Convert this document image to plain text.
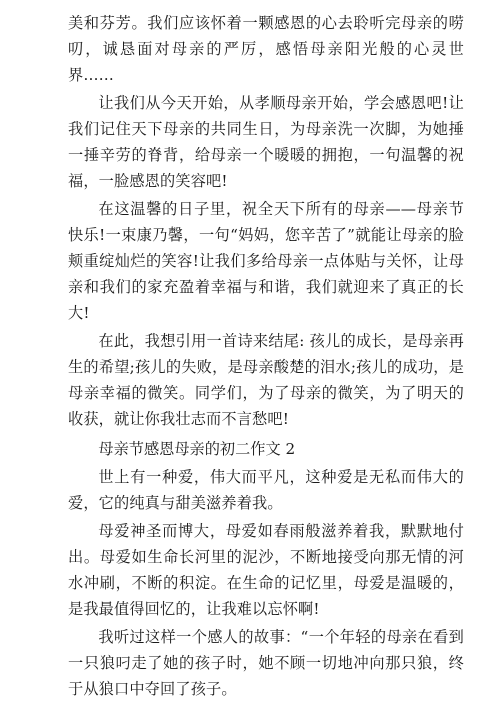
美和芬芳。我们应该怀着一颗感恩的心去聆听完母亲的唠叨，诚恳面对母亲的严厉，感悟母亲阳光般的心灵世界……

让我们从今天开始，从孝顺母亲开始，学会感恩吧!让我们记住天下母亲的共同生日，为母亲洗一次脚，为她捶一捶辛劳的脊背，给母亲一个暖暖的拥抱，一句温馨的祝福，一脸感恩的笑容吧!

在这温馨的日子里，祝全天下所有的母亲——母亲节快乐!一束康乃馨，一句“妈妈，您辛苦了”就能让母亲的脸颊重绽灿烂的笑容!让我们多给母亲一点体贴与关怀，让母亲和我们的家充盈着幸福与和谐，我们就迎来了真正的长大!

在此，我想引用一首诗来结尾: 孩儿的成长，是母亲再生的希望;孩儿的失败，是母亲酸楚的泪水;孩儿的成功，是母亲幸福的微笑。同学们，为了母亲的微笑，为了明天的收获，就让你我壮志而不言愁吧!

母亲节感恩母亲的初二作文 2

世上有一种爱，伟大而平凡，这种爱是无私而伟大的爱，它的纯真与甜美滋养着我。

母爱神圣而博大，母爱如春雨般滋养着我，默默地付出。母爱如生命长河里的泥沙，不断地接受向那无情的河水冲刷，不断的积淀。在生命的记忆里，母爱是温暖的，是我最值得回忆的，让我难以忘怀啊!

我听过这样一个感人的故事：“一个年轻的母亲在看到一只狼叼走了她的孩子时，她不顾一切地冲向那只狼，终于从狼口中夺回了孩子。
